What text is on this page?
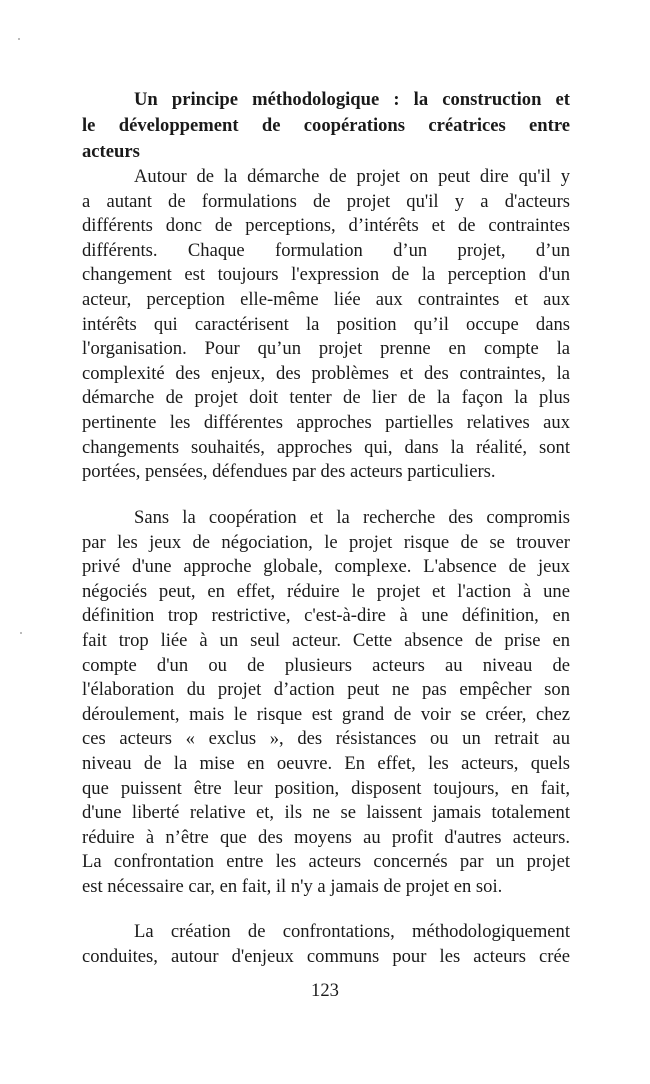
Un principe méthodologique : la construction et
le développement de coopérations créatrices entre
acteurs
Autour de la démarche de projet on peut dire qu'il y
a autant de formulations de projet qu'il y a d'acteurs
différents donc de perceptions, d’intérêts et de contraintes
différents. Chaque formulation d’un projet, d’un
changement est toujours l'expression de la perception d'un
acteur, perception elle-même liée aux contraintes et aux
intérêts qui caractérisent la position qu’il occupe dans
l'organisation. Pour qu’un projet prenne en compte la
complexité des enjeux, des problèmes et des contraintes, la
démarche de projet doit tenter de lier de la façon la plus
pertinente les différentes approches partielles relatives aux
changements souhaités, approches qui, dans la réalité, sont
portées, pensées, défendues par des acteurs particuliers.
Sans la coopération et la recherche des compromis
par les jeux de négociation, le projet risque de se trouver
privé d'une approche globale, complexe. L'absence de jeux
négociés peut, en effet, réduire le projet et l'action à une
définition trop restrictive, c'est-à-dire à une définition, en
fait trop liée à un seul acteur. Cette absence de prise en
compte d'un ou de plusieurs acteurs au niveau de
l'élaboration du projet d’action peut ne pas empêcher son
déroulement, mais le risque est grand de voir se créer, chez
ces acteurs « exclus », des résistances ou un retrait au
niveau de la mise en oeuvre. En effet, les acteurs, quels
que puissent être leur position, disposent toujours, en fait,
d'une liberté relative et, ils ne se laissent jamais totalement
réduire à n’être que des moyens au profit d'autres acteurs.
La confrontation entre les acteurs concernés par un projet
est nécessaire car, en fait, il n'y a jamais de projet en soi.
La création de confrontations, méthodologiquement
conduites, autour d'enjeux communs pour les acteurs crée
123
